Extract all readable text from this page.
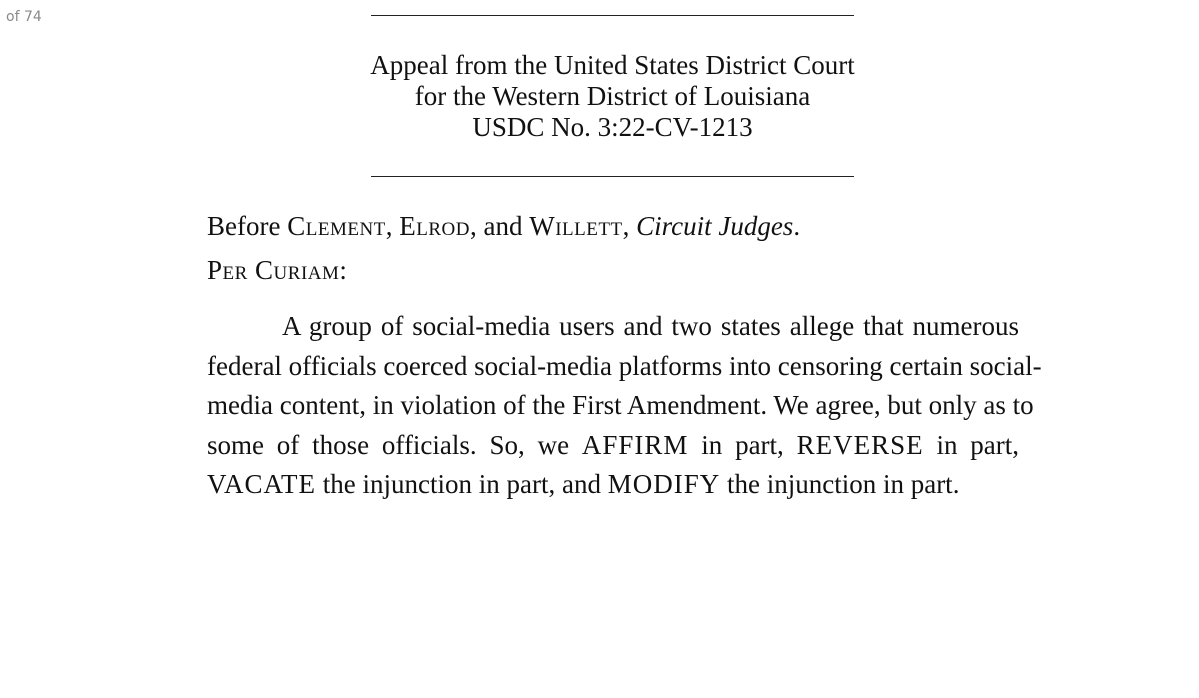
of 74
Appeal from the United States District Court
for the Western District of Louisiana
USDC No. 3:22-CV-1213
Before Clement, Elrod, and Willett, Circuit Judges.
Per Curiam:
A group of social-media users and two states allege that numerous
federal officials coerced social-media platforms into censoring certain social-
media content, in violation of the First Amendment. We agree, but only as to
some of those officials. So, we AFFIRM in part, REVERSE in part,
VACATE the injunction in part, and MODIFY the injunction in part.
